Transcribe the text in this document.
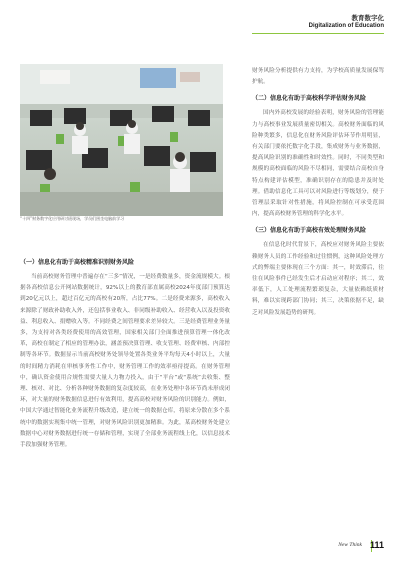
教育数字化
Digitalization of Education
“十四”财务数字化应用研讨班现场，学员们围坐电脑前学习
（一）信息化有助于高校精准识别财务风险

当前高校财务管理中普遍存在“三多”情况，一是经费数量多，资金流规模大。根据各高校信息公开网站数据统计，92%以上的教育部直属高校2024年度部门预算达到20亿元以上，超过百亿元的高校有20所，占比77%。二是经费来源多，高校收入来源除了财政补助收入外，还包括事业收入、非同级补助收入、经营收入以及投资收益、利息收入、捐赠收入等。不同经费之间管理要求差异较大。三是经费管理业务量多，为支持对各类经费使用的高效管理，国家相关部门全面推进预算管理一体化改革，高校在制定了相应的管理办法，涵盖预决算管理、收支管理、经费审核、内部控制等各环节。数据显示当前高校财务处领导处置各类业务平均每天4小时以上，大量的时间精力消耗在审核事务性工作中，财务管理工作的效率亟待提高。在财务管理中，确认资金使用合规性需要大量人力物力投入，由于“平台”或“系统”去收集、整理、核对、对比、分析各种财务数据的复杂度较高，在业务处理中各环节尚未形成闭环，对大量的财务数据信息进行有效利用，提高高校对财务风险的识别能力。例如，中国大学通过智能化业务流程升级改造，建立统一的数据仓库，将原来分散在多个系统中的数据实现集中统一管理，对财务风险识别更加精准。为此，某高校财务处建立数据中心对财务数据进行统一存储和管理，实现了全部业务流程线上化，以信息技术手段加强财务管理。

财务风险分析提供有力支持，为学校高质量发展保驾护航。

（二）信息化有助于高校科学评估财务风险

国内外高校发展的经验表明，财务风险的管理能力与高校事业发展质量密切相关。高校财务面临的风险种类繁多，信息化在财务风险评估环节作用明显，有关部门要依托数字化手段，集成财务与业务数据，提高风险识别的准确性和时效性。同时，不同类型和规模的高校面临的风险不尽相同，需要结合高校自身特点构建评估模型，准确识别存在的隐患并及时处理。借助信息化工具可以对风险进行等级划分，便于管理层采取针对性措施，将风险控制在可承受范围内，提高高校财务管理的科学化水平。

（三）信息化有助于高校有效处理财务风险

在信息化时代背景下，高校应对财务风险主要依赖财务人员的工作经验和过往惯例，这种风险处理方式的弊端主要体现在三个方面：其一，时效滞后，往往在风险事件已经发生后才启动应对程序；其二，效率低下，人工处理流程繁琐复杂，大量依赖纸质材料，难以实现跨部门协同；其三，决策依据不足，缺乏对风险发展趋势的研判。

New Think 111
